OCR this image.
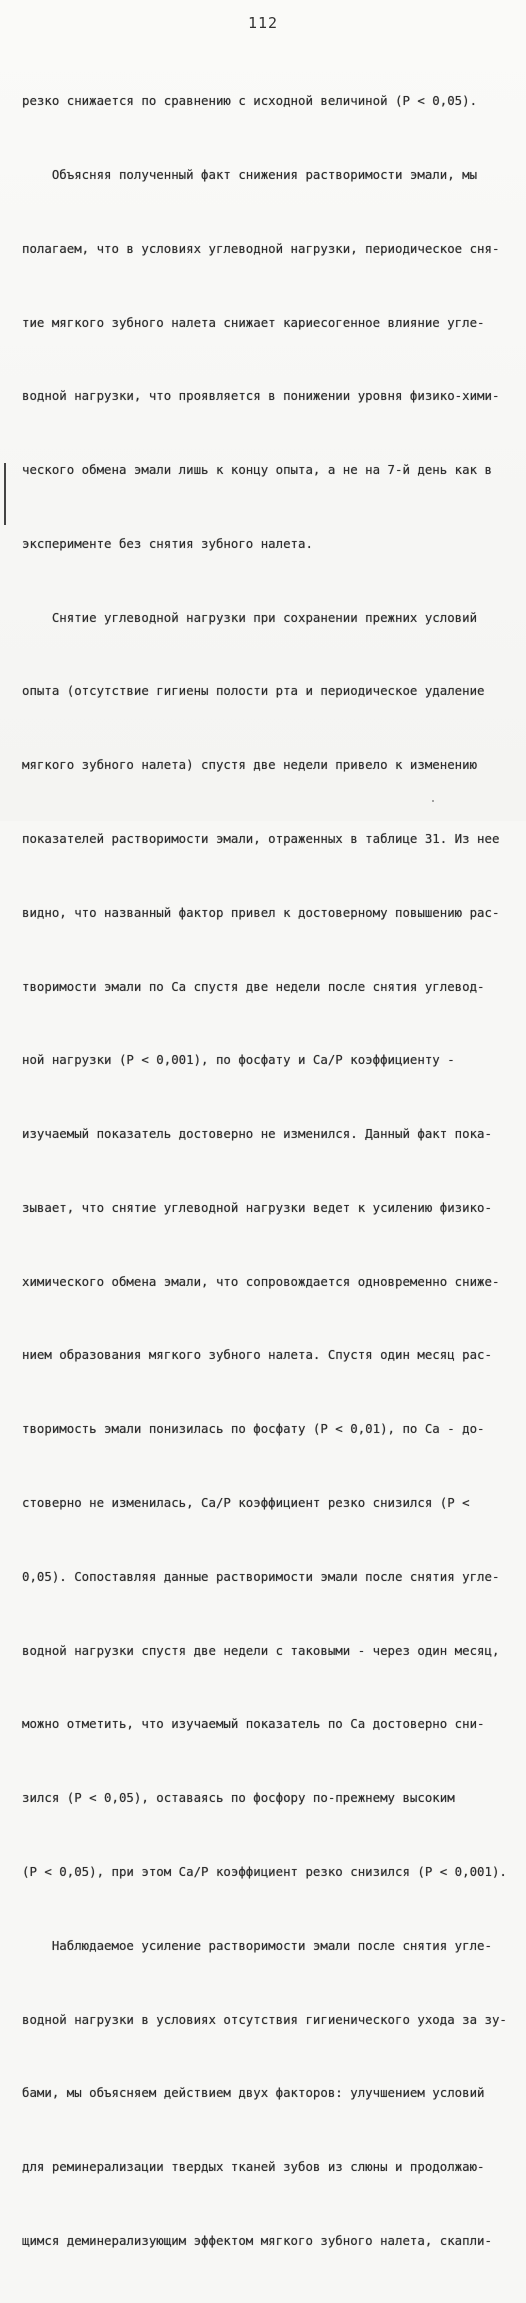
112

резко снижается по сравнению с исходной величиной (P < 0,05).

Объясняя полученный факт снижения растворимости эмали, мы

полагаем, что в условиях углеводной нагрузки, периодическое сня-

тие мягкого зубного налета снижает кариесогенное влияние угле-

водной нагрузки, что проявляется в понижении уровня физико-хими-

ческого обмена эмали лишь к концу опыта, а не на 7-й день как в

эксперименте без снятия зубного налета.

Снятие углеводной нагрузки при сохранении прежних условий

опыта (отсутствие гигиены полости рта и периодическое удаление

мягкого зубного налета) спустя две недели привело к изменению

показателей растворимости эмали, отраженных в таблице 31. Из нее

видно, что названный фактор привел к достоверному повышению рас-

творимости эмали по Ca спустя две недели после снятия углевод-

ной нагрузки (P < 0,001), по фосфату и Ca/P коэффициенту -

изучаемый показатель достоверно не изменился. Данный факт пока-

зывает, что снятие углеводной нагрузки ведет к усилению физико-

химического обмена эмали, что сопровождается одновременно сниже-

нием образования мягкого зубного налета. Спустя один месяц рас-

творимость эмали понизилась по фосфату (P < 0,01), по Ca - до-

стоверно не изменилась, Ca/P коэффициент резко снизился (P <

0,05). Сопоставляя данные растворимости эмали после снятия угле-

водной нагрузки спустя две недели с таковыми - через один месяц,

можно отметить, что изучаемый показатель по Ca достоверно сни-

зился (P < 0,05), оставаясь по фосфору по-прежнему высоким

(P < 0,05), при этом Ca/P коэффициент резко снизился (P < 0,001).

Наблюдаемое усиление растворимости эмали после снятия угле-

водной нагрузки в условиях отсутствия гигиенического ухода за зу-

бами, мы объясняем действием двух факторов: улучшением условий

для реминерализации твердых тканей зубов из слюны и продолжаю-

щимся деминерализующим эффектом мягкого зубного налета, скапли-
